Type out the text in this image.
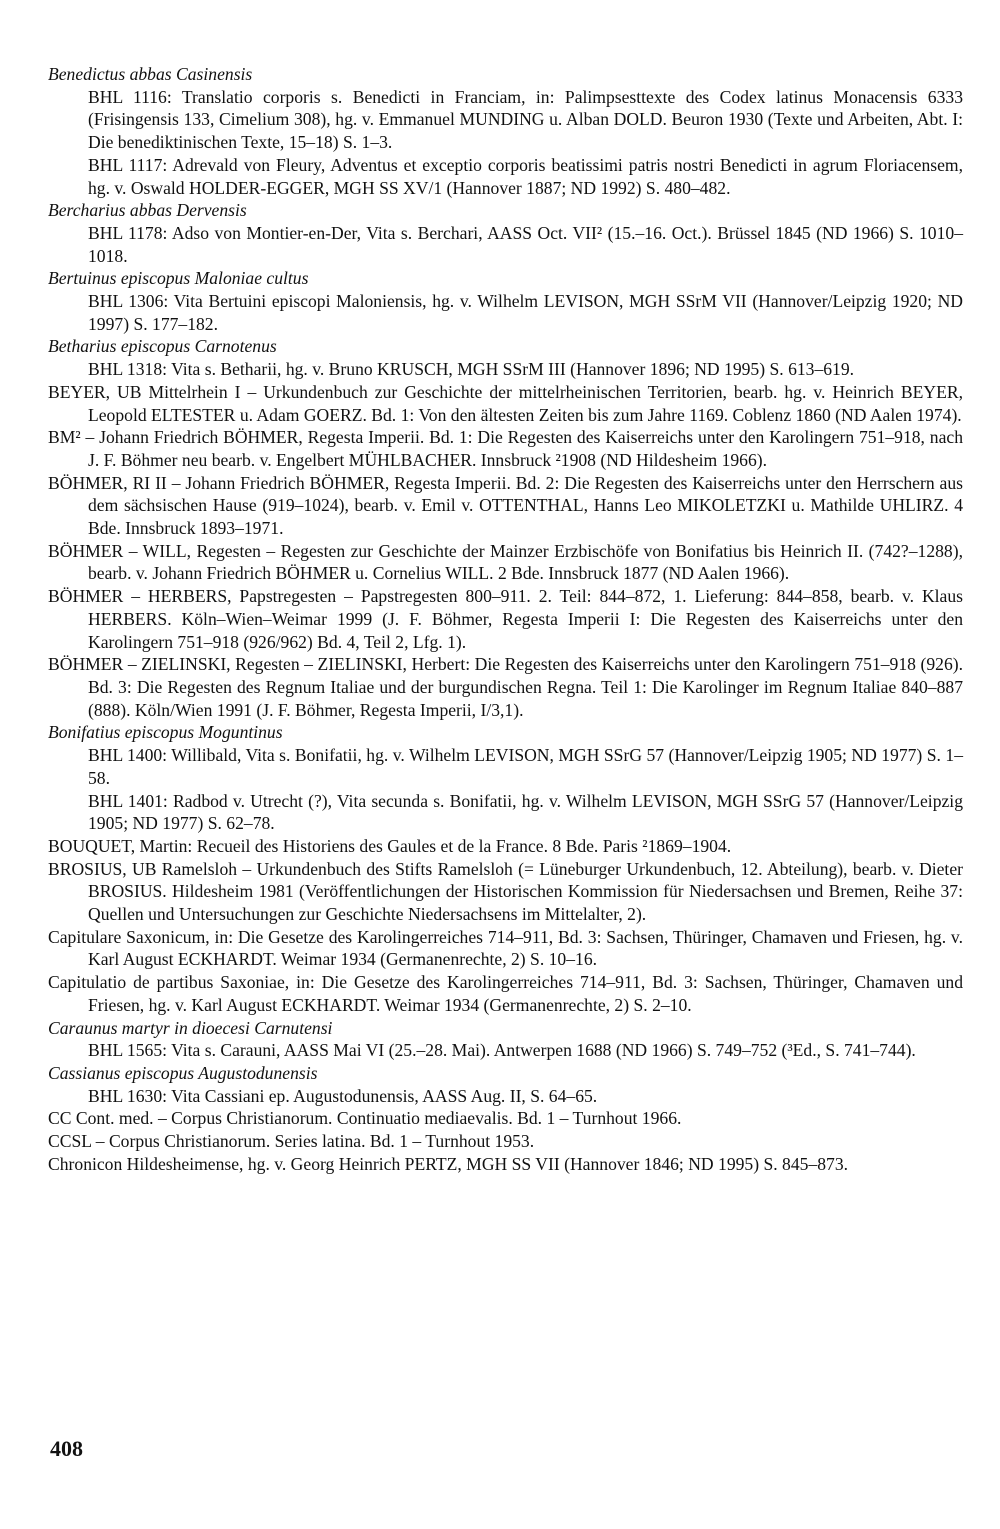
Benedictus abbas Casinensis

BHL 1116: Translatio corporis s. Benedicti in Franciam, in: Palimpsesttexte des Codex latinus Monacensis 6333 (Frisingensis 133, Cimelium 308), hg. v. Emmanuel MUNDING u. Alban DOLD. Beuron 1930 (Texte und Arbeiten, Abt. I: Die benediktinischen Texte, 15–18) S. 1–3.

BHL 1117: Adrevald von Fleury, Adventus et exceptio corporis beatissimi patris nostri Benedicti in agrum Floriacensem, hg. v. Oswald HOLDER-EGGER, MGH SS XV/1 (Hannover 1887; ND 1992) S. 480–482.

Bercharius abbas Dervensis

BHL 1178: Adso von Montier-en-Der, Vita s. Berchari, AASS Oct. VII² (15.–16. Oct.). Brüssel 1845 (ND 1966) S. 1010–1018.

Bertuinus episcopus Maloniae cultus

BHL 1306: Vita Bertuini episcopi Maloniensis, hg. v. Wilhelm LEVISON, MGH SSrM VII (Hannover/Leipzig 1920; ND 1997) S. 177–182.

Betharius episcopus Carnotenus

BHL 1318: Vita s. Betharii, hg. v. Bruno KRUSCH, MGH SSrM III (Hannover 1896; ND 1995) S. 613–619.

BEYER, UB Mittelrhein I – Urkundenbuch zur Geschichte der mittelrheinischen Territorien, bearb. hg. v. Heinrich BEYER, Leopold ELTESTER u. Adam GOERZ. Bd. 1: Von den ältesten Zeiten bis zum Jahre 1169. Coblenz 1860 (ND Aalen 1974).

BM² – Johann Friedrich BÖHMER, Regesta Imperii. Bd. 1: Die Regesten des Kaiserreichs unter den Karolingern 751–918, nach J. F. Böhmer neu bearb. v. Engelbert MÜHLBACHER. Innsbruck ²1908 (ND Hildesheim 1966).

BÖHMER, RI II – Johann Friedrich BÖHMER, Regesta Imperii. Bd. 2: Die Regesten des Kaiserreichs unter den Herrschern aus dem sächsischen Hause (919–1024), bearb. v. Emil v. OTTENTHAL, Hanns Leo MIKOLETZKI u. Mathilde UHLIRZ. 4 Bde. Innsbruck 1893–1971.

BÖHMER – WILL, Regesten – Regesten zur Geschichte der Mainzer Erzbischöfe von Bonifatius bis Heinrich II. (742?–1288), bearb. v. Johann Friedrich BÖHMER u. Cornelius WILL. 2 Bde. Innsbruck 1877 (ND Aalen 1966).

BÖHMER – HERBERS, Papstregesten – Papstregesten 800–911. 2. Teil: 844–872, 1. Lieferung: 844–858, bearb. v. Klaus HERBERS. Köln–Wien–Weimar 1999 (J. F. Böhmer, Regesta Imperii I: Die Regesten des Kaiserreichs unter den Karolingern 751–918 (926/962) Bd. 4, Teil 2, Lfg. 1).

BÖHMER – ZIELINSKI, Regesten – ZIELINSKI, Herbert: Die Regesten des Kaiserreichs unter den Karolingern 751–918 (926). Bd. 3: Die Regesten des Regnum Italiae und der burgundischen Regna. Teil 1: Die Karolinger im Regnum Italiae 840–887 (888). Köln/Wien 1991 (J. F. Böhmer, Regesta Imperii, I/3,1).

Bonifatius episcopus Moguntinus

BHL 1400: Willibald, Vita s. Bonifatii, hg. v. Wilhelm LEVISON, MGH SSrG 57 (Hannover/Leipzig 1905; ND 1977) S. 1–58.

BHL 1401: Radbod v. Utrecht (?), Vita secunda s. Bonifatii, hg. v. Wilhelm LEVISON, MGH SSrG 57 (Hannover/Leipzig 1905; ND 1977) S. 62–78.

BOUQUET, Martin: Recueil des Historiens des Gaules et de la France. 8 Bde. Paris ²1869–1904.

BROSIUS, UB Ramelsloh – Urkundenbuch des Stifts Ramelsloh (= Lüneburger Urkundenbuch, 12. Abteilung), bearb. v. Dieter BROSIUS. Hildesheim 1981 (Veröffentlichungen der Historischen Kommission für Niedersachsen und Bremen, Reihe 37: Quellen und Untersuchungen zur Geschichte Niedersachsens im Mittelalter, 2).

Capitulare Saxonicum, in: Die Gesetze des Karolingerreiches 714–911, Bd. 3: Sachsen, Thüringer, Chamaven und Friesen, hg. v. Karl August ECKHARDT. Weimar 1934 (Germanenrechte, 2) S. 10–16.

Capitulatio de partibus Saxoniae, in: Die Gesetze des Karolingerreiches 714–911, Bd. 3: Sachsen, Thüringer, Chamaven und Friesen, hg. v. Karl August ECKHARDT. Weimar 1934 (Germanenrechte, 2) S. 2–10.

Caraunus martyr in dioecesi Carnutensi

BHL 1565: Vita s. Carauni, AASS Mai VI (25.–28. Mai). Antwerpen 1688 (ND 1966) S. 749–752 (³Ed., S. 741–744).

Cassianus episcopus Augustodunensis

BHL 1630: Vita Cassiani ep. Augustodunensis, AASS Aug. II, S. 64–65.

CC Cont. med. – Corpus Christianorum. Continuatio mediaevalis. Bd. 1 – Turnhout 1966.

CCSL – Corpus Christianorum. Series latina. Bd. 1 – Turnhout 1953.

Chronicon Hildesheimense, hg. v. Georg Heinrich PERTZ, MGH SS VII (Hannover 1846; ND 1995) S. 845–873.

408
